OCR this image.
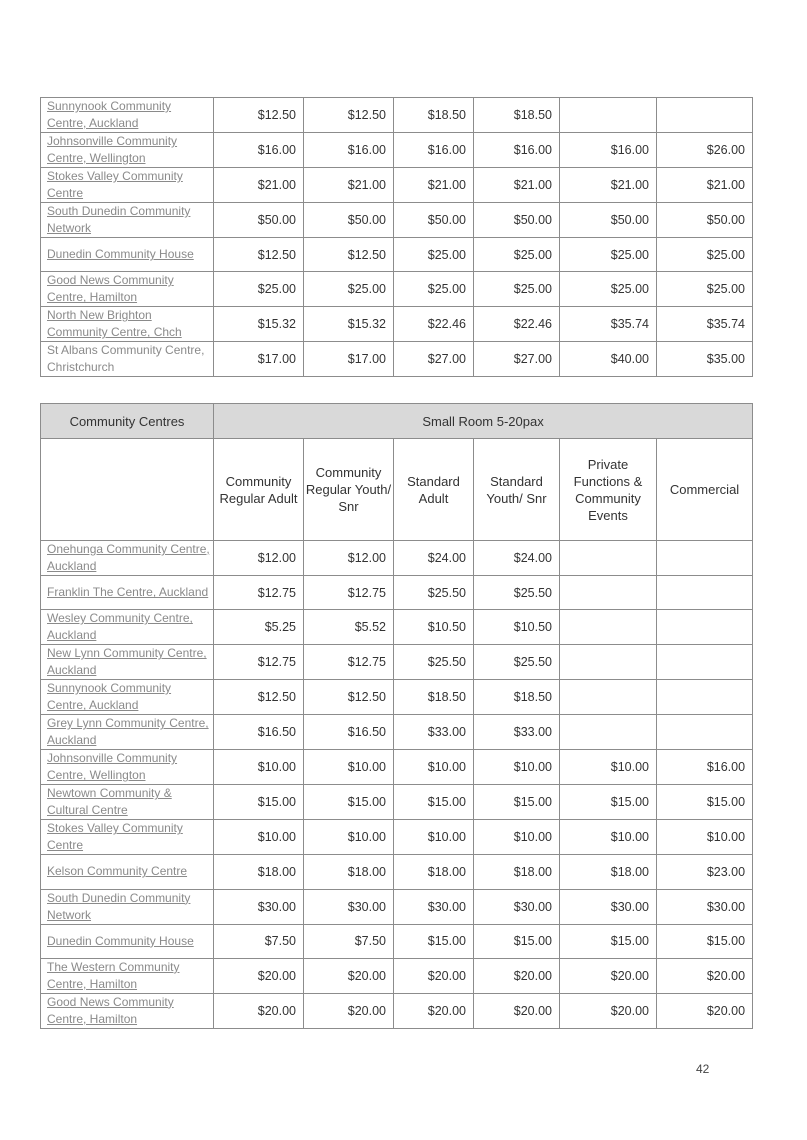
Sunnynook Community Centre, Auckland	$12.50	$12.50	$18.50	$18.50		
Johnsonville Community Centre, Wellington	$16.00	$16.00	$16.00	$16.00	$16.00	$26.00
Stokes Valley Community Centre	$21.00	$21.00	$21.00	$21.00	$21.00	$21.00
South Dunedin Community Network	$50.00	$50.00	$50.00	$50.00	$50.00	$50.00
Dunedin Community House	$12.50	$12.50	$25.00	$25.00	$25.00	$25.00
Good News Community Centre, Hamilton	$25.00	$25.00	$25.00	$25.00	$25.00	$25.00
North New Brighton Community Centre, Chch	$15.32	$15.32	$22.46	$22.46	$35.74	$35.74
St Albans Community Centre, Christchurch	$17.00	$17.00	$27.00	$27.00	$40.00	$35.00
Community Centres	Small Room 5-20pax					
	Community Regular Adult	Community Regular Youth/ Snr	Standard Adult	Standard Youth/ Snr	Private Functions & Community Events	Commercial
Onehunga Community Centre, Auckland	$12.00	$12.00	$24.00	$24.00		
Franklin The Centre, Auckland	$12.75	$12.75	$25.50	$25.50		
Wesley Community Centre, Auckland	$5.25	$5.52	$10.50	$10.50		
New Lynn Community Centre, Auckland	$12.75	$12.75	$25.50	$25.50		
Sunnynook Community Centre, Auckland	$12.50	$12.50	$18.50	$18.50		
Grey Lynn Community Centre, Auckland	$16.50	$16.50	$33.00	$33.00		
Johnsonville Community Centre, Wellington	$10.00	$10.00	$10.00	$10.00	$10.00	$16.00
Newtown Community & Cultural Centre	$15.00	$15.00	$15.00	$15.00	$15.00	$15.00
Stokes Valley Community Centre	$10.00	$10.00	$10.00	$10.00	$10.00	$10.00
Kelson Community Centre	$18.00	$18.00	$18.00	$18.00	$18.00	$23.00
South Dunedin Community Network	$30.00	$30.00	$30.00	$30.00	$30.00	$30.00
Dunedin Community House	$7.50	$7.50	$15.00	$15.00	$15.00	$15.00
The Western Community Centre, Hamilton	$20.00	$20.00	$20.00	$20.00	$20.00	$20.00
Good News Community Centre, Hamilton	$20.00	$20.00	$20.00	$20.00	$20.00	$20.00
42
